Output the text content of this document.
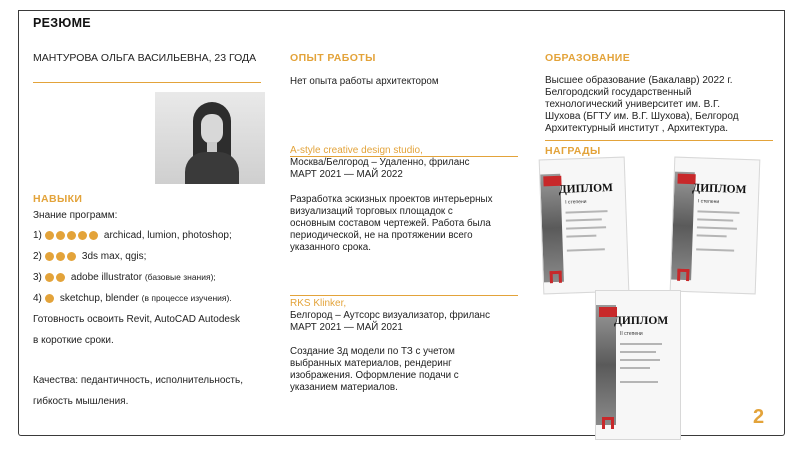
РЕЗЮМЕ
МАНТУРОВА ОЛЬГА ВАСИЛЬЕВНА, 23 ГОДА
НАВЫКИ
Знание программ:
1)	archicad, lumion, photoshop;
2)	3ds max, qgis;
3)	adobe illustrator
(базовые знания);
4) sketchup, blender
(в процессе изучения).
Готовность освоить Revit, AutoCAD Autodesk
в короткие сроки.
Качества: педантичность, исполнительность,
гибкость мышления.
ОПЫТ РАБОТЫ
Нет опыта работы архитектором
A-style creative design studio,
Москва/Белгород – Удаленно, фриланс
МАРТ 2021 — МАЙ 2022
Разработка эскизных проектов интерьерных
визуализаций торговых площадок с
основным составом чертежей. Работа была
периодической, не на протяжении всего
указанного срока.
RKS Klinker,
Белгород – Аутсорс визуализатор, фриланс
МАРТ 2021 — МАЙ 2021
Создание 3д модели по ТЗ с учетом
выбранных материалов, рендеринг
изображения. Оформление подачи с
указанием материалов.
ОБРАЗОВАНИЕ
Высшее образование (Бакалавр) 2022 г.
Белгородский государственный
технологический университет им. В.Г.
Шухова (БГТУ им. В.Г. Шухова), Белгород
Архитектурный институт , Архитектура.
НАГРАДЫ
ДИПЛОМ
I степени
ДИПЛОМ
I степени
ДИПЛОМ
II степени
2
